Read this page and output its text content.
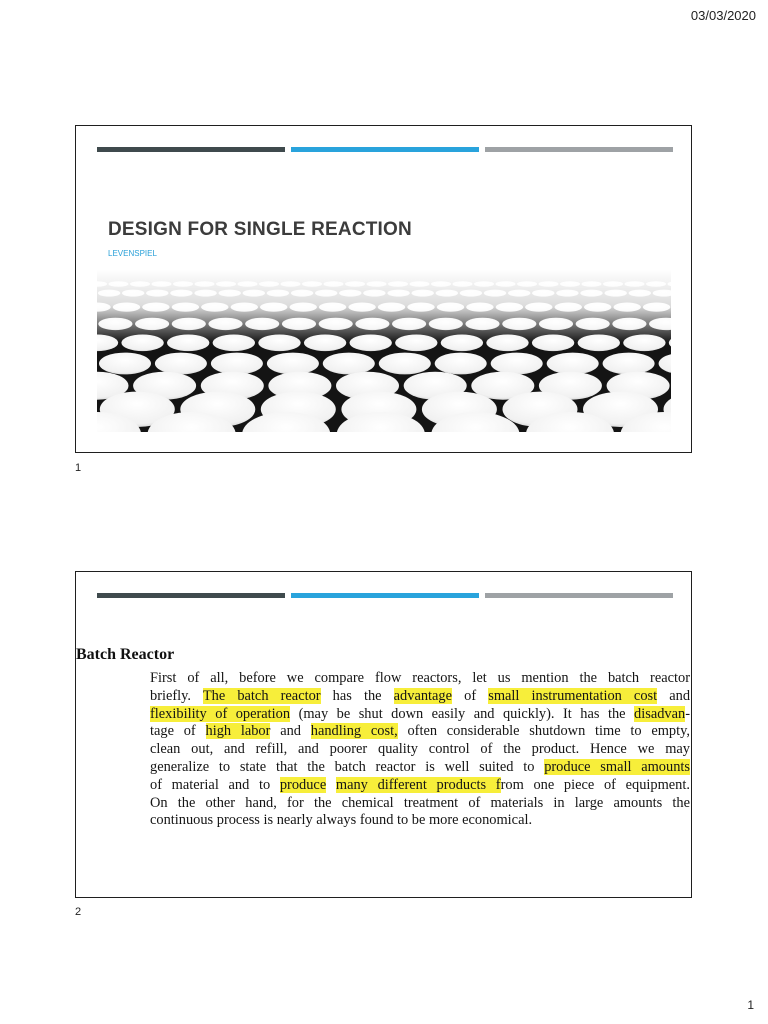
03/03/2020
DESIGN FOR SINGLE REACTION
LEVENSPIEL
1
Batch Reactor

First of all, before we compare flow reactors, let us mention the batch reactor
briefly. The batch reactor has the advantage of small instrumentation cost and
flexibility of operation (may be shut down easily and quickly). It has the disadvan-
tage of high labor and handling cost, often considerable shutdown time to empty,
clean out, and refill, and poorer quality control of the product. Hence we may
generalize to state that the batch reactor is well suited to produce small amounts
of material and to produce many different products from one piece of equipment.
On the other hand, for the chemical treatment of materials in large amounts the
continuous process is nearly always found to be more economical.

2
1
